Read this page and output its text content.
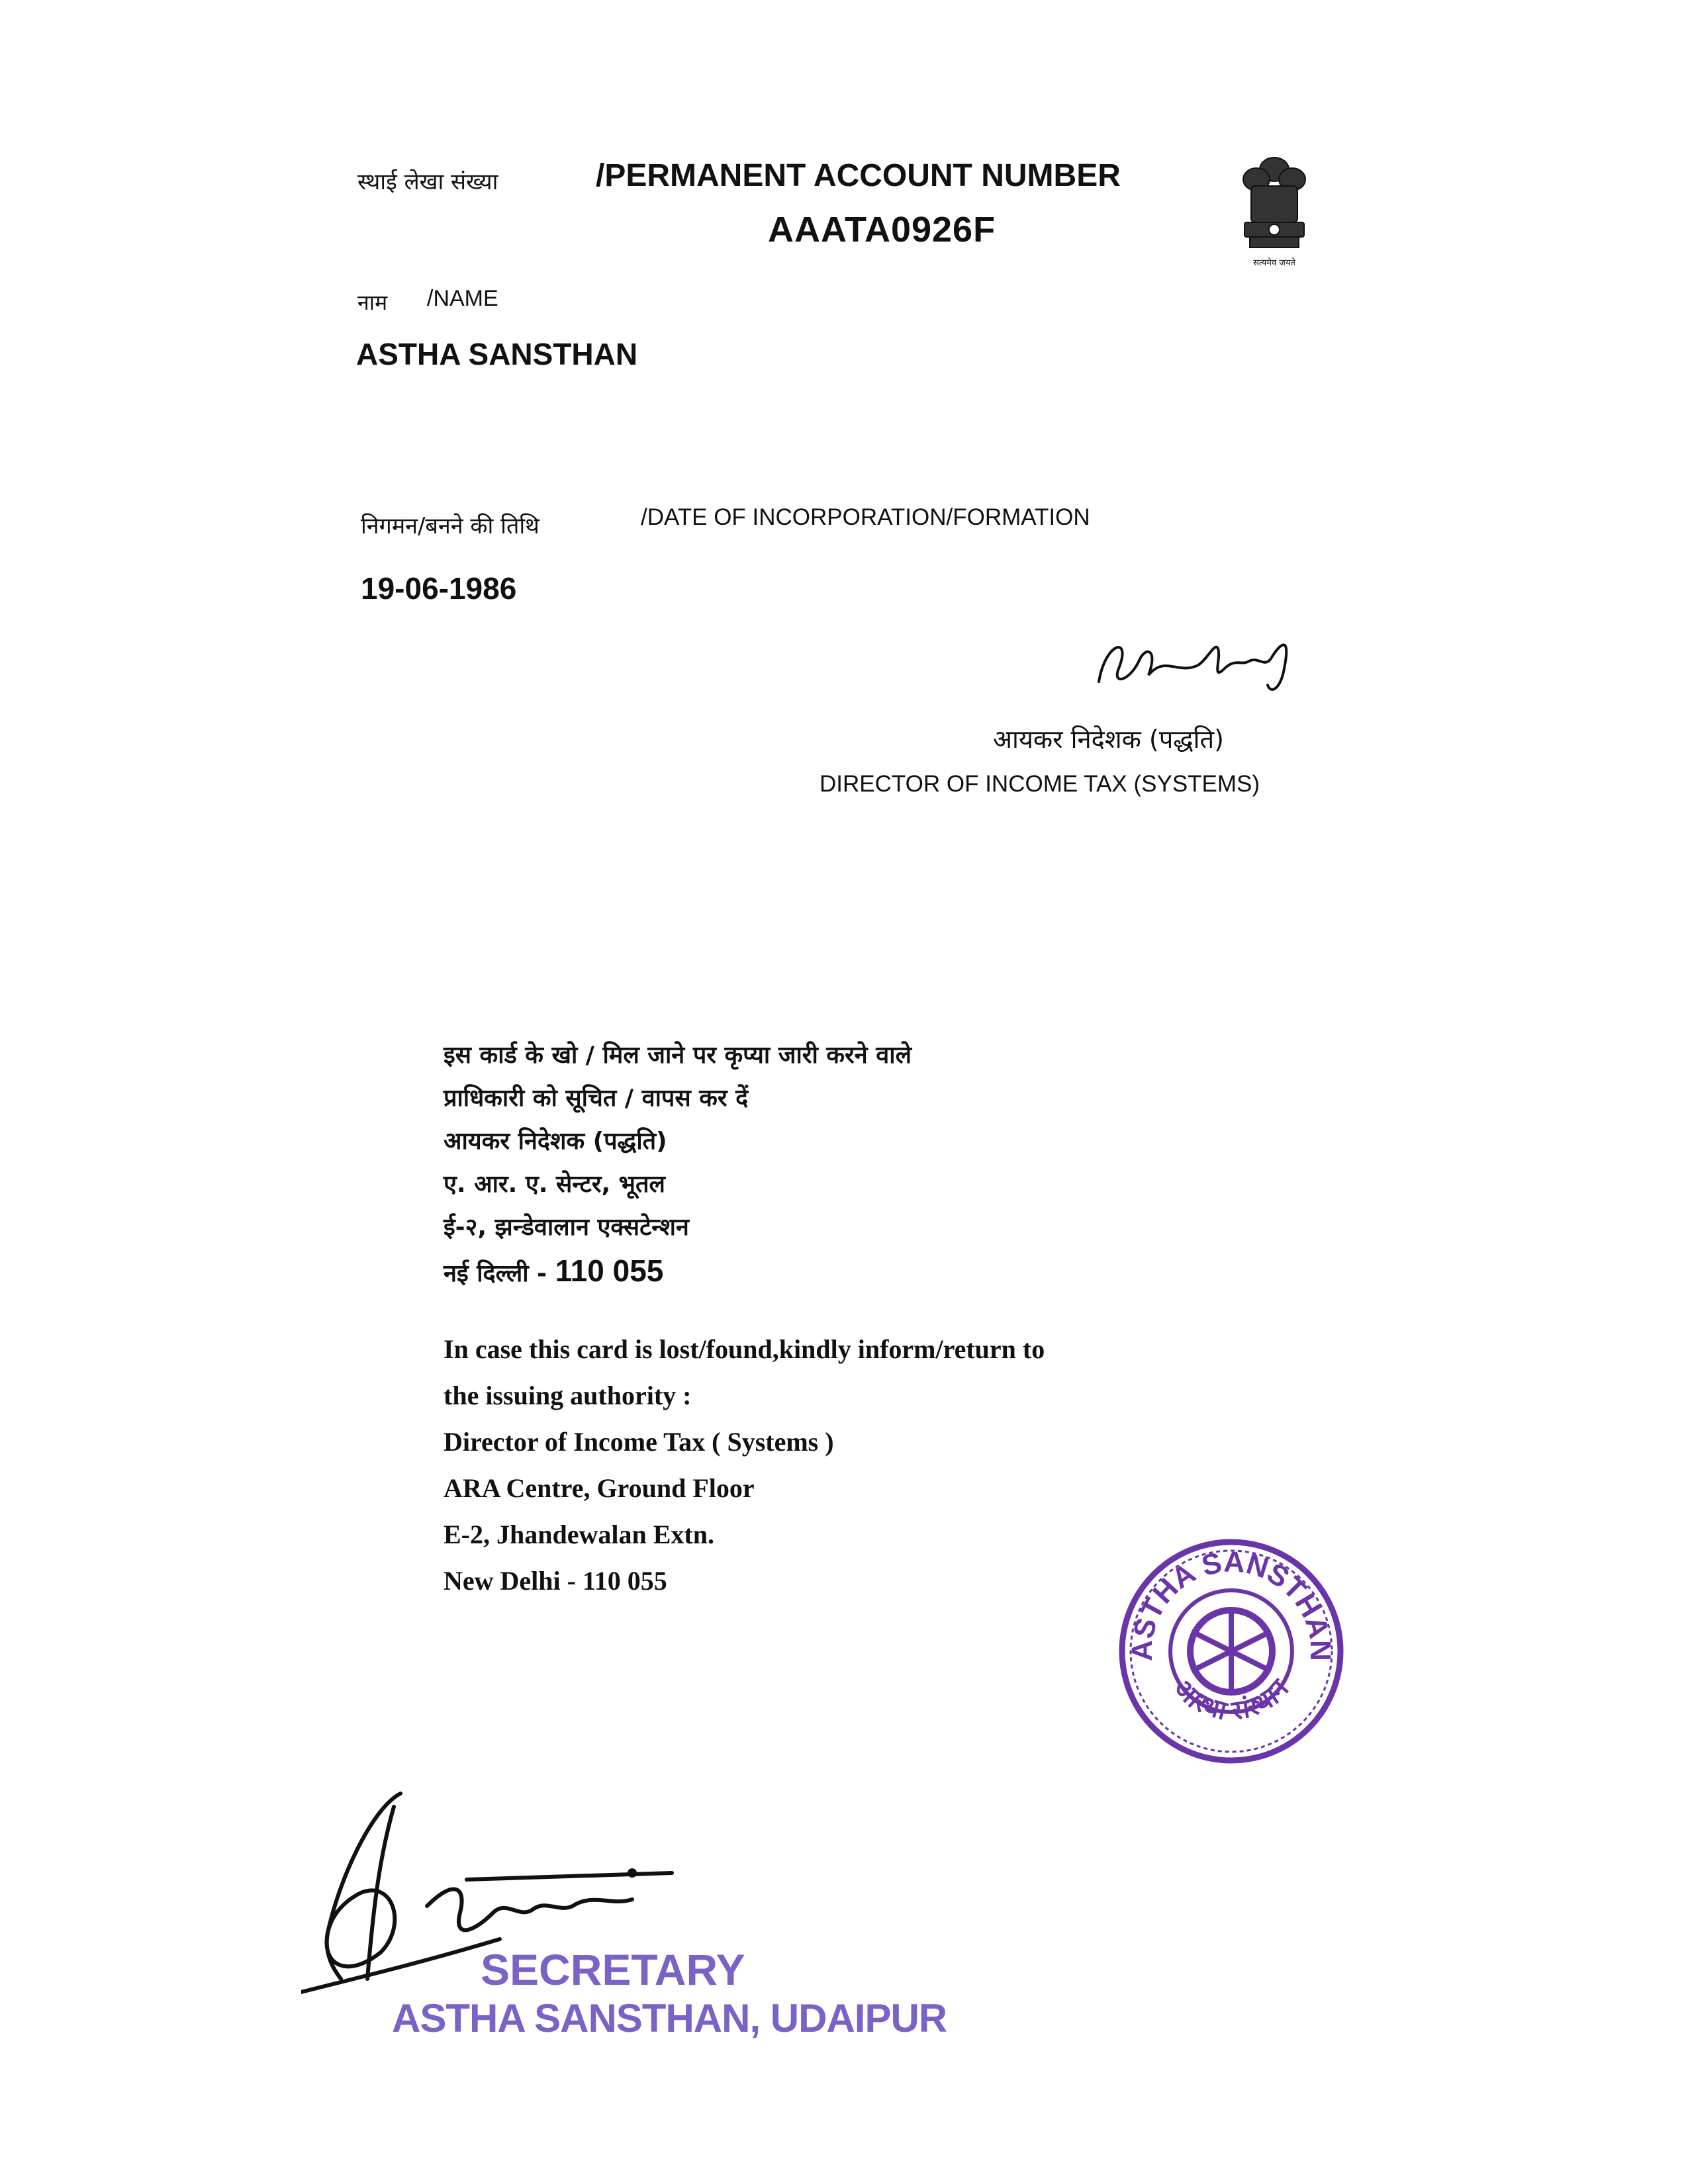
स्थाई लेखा संख्या	/PERMANENT ACCOUNT NUMBER
AAATA0926F
सत्यमेव जयते
नाम /NAME
ASTHA SANSTHAN
निगमन/बनने की तिथि	/DATE OF INCORPORATION/FORMATION
19-06-1986
आयकर निदेशक (पद्धति)
DIRECTOR OF INCOME TAX (SYSTEMS)
इस कार्ड के खो / मिल जाने पर कृप्या जारी करने वाले
प्राधिकारी को सूचित / वापस कर दें
आयकर निदेशक (पद्धति)
ए. आर. ए. सेन्टर, भूतल
ई-२, झन्डेवालान एक्सटेन्शन
नई दिल्ली - 110 055
In case this card is lost/found,kindly inform/return to
the issuing authority :
Director of Income Tax ( Systems )
ARA Centre, Ground Floor
E-2, Jhandewalan Extn.
New Delhi - 110 055
ASTHA SANSTHAN
आस्था संस्थान
SECRETARY
ASTHA SANSTHAN, UDAIPUR
